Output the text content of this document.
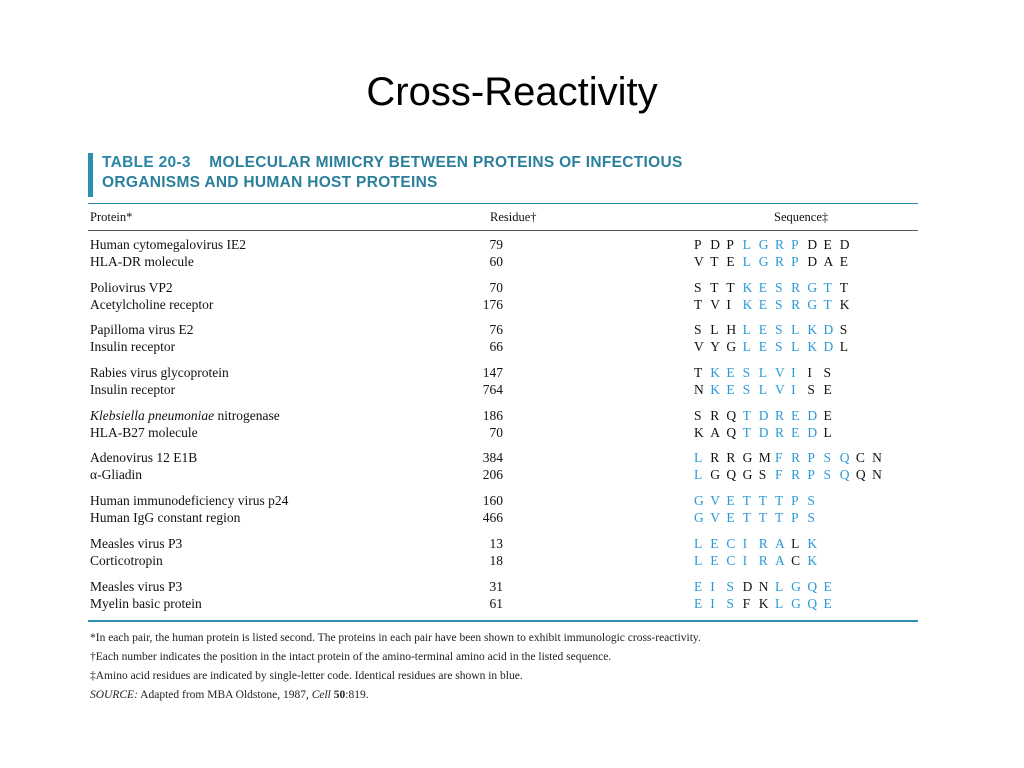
Cross-Reactivity
TABLE 20-3 MOLECULAR MIMICRY BETWEEN PROTEINS OF INFECTIOUS
ORGANISMS AND HUMAN HOST PROTEINS
Protein*	Residue†	Sequence‡
Human cytomegalovirus IE2	79	P D P L G R P D E D
HLA-DR molecule	60	V T E L G R P D A E
Poliovirus VP2	70	S T T K E S R G T T
Acetylcholine receptor	176	T V I K E S R G T K
Papilloma virus E2	76	S L H L E S L K D S
Insulin receptor	66	V Y G L E S L K D L
Rabies virus glycoprotein	147	T K E S L V I I S
Insulin receptor	764	N K E S L V I S E
Klebsiella pneumoniae nitrogenase	186	S R Q T D R E D E
HLA-B27 molecule	70	K A Q T D R E D L
Adenovirus 12 E1B	384	L R R G M F R P S Q C N
α-Gliadin	206	L G Q G S F R P S Q Q N
Human immunodeficiency virus p24	160	G V E T T T P S
Human IgG constant region	466	G V E T T T P S
Measles virus P3	13	L E C I R A L K
Corticotropin	18	L E C I R A C K
Measles virus P3	31	E I S D N L G Q E
Myelin basic protein	61	E I S F K L G Q E
*In each pair, the human protein is listed second. The proteins in each pair have been shown to exhibit immunologic cross-reactivity.
†Each number indicates the position in the intact protein of the amino-terminal amino acid in the listed sequence.
‡Amino acid residues are indicated by single-letter code. Identical residues are shown in blue.
SOURCE: Adapted from MBA Oldstone, 1987, Cell 50:819.
